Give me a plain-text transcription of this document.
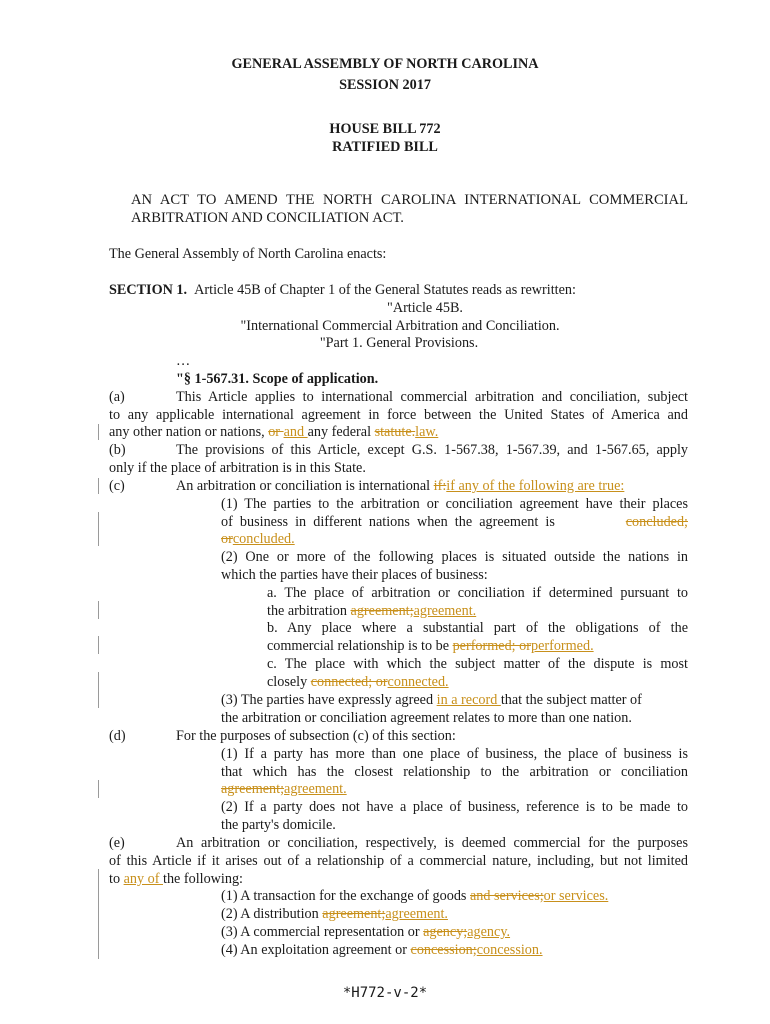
GENERAL ASSEMBLY OF NORTH CAROLINA
SESSION 2017
HOUSE BILL 772
RATIFIED BILL
AN ACT TO AMEND THE NORTH CAROLINA INTERNATIONAL COMMERCIAL
ARBITRATION AND CONCILIATION ACT.
The General Assembly of North Carolina enacts:
SECTION 1. Article 45B of Chapter 1 of the General Statutes reads as rewritten:
"Article 45B.
"International Commercial Arbitration and Conciliation.
"Part 1. General Provisions.
…
"§ 1-567.31. Scope of application.
(a)	This Article applies to international commercial arbitration and conciliation, subject
to any applicable international agreement in force between the United States of America and
any other nation or nations, or and any federal statute.law.
(b)	The provisions of this Article, except G.S. 1-567.38, 1-567.39, and 1-567.65, apply
only if the place of arbitration is in this State.
(c)	An arbitration or conciliation is international if:if any of the following are true:
(1) The parties to the arbitration or conciliation agreement have their places
of  business  in  different  nations  when  the  agreement  is	concluded;
orconcluded.
(2) One or more of the following places is situated outside the nations in
which the parties have their places of business:
a. The place of arbitration or conciliation if determined pursuant to
the arbitration agreement;agreement.
b. Any place where a substantial part of the obligations of the
commercial relationship is to be performed; orperformed.
c. The place with which the subject matter of the dispute is most
closely connected; orconnected.
(3) The parties have expressly agreed in a record that the subject matter of
the arbitration or conciliation agreement relates to more than one nation.
(d)	For the purposes of subsection (c) of this section:
(1) If a party has more than one place of business, the place of business is
that  which  has  the  closest  relationship  to  the  arbitration  or  conciliation
agreement;agreement.
(2) If a party does not have a place of business, reference is to be made to
the party's domicile.
(e)	An arbitration or conciliation, respectively, is deemed commercial for the purposes
of this Article if it arises out of a relationship of a commercial nature, including, but not limited
to any of the following:
(1) A transaction for the exchange of goods and services;or services.
(2) A distribution agreement;agreement.
(3) A commercial representation or agency;agency.
(4) An exploitation agreement or concession;concession.
*H772-v-2*
